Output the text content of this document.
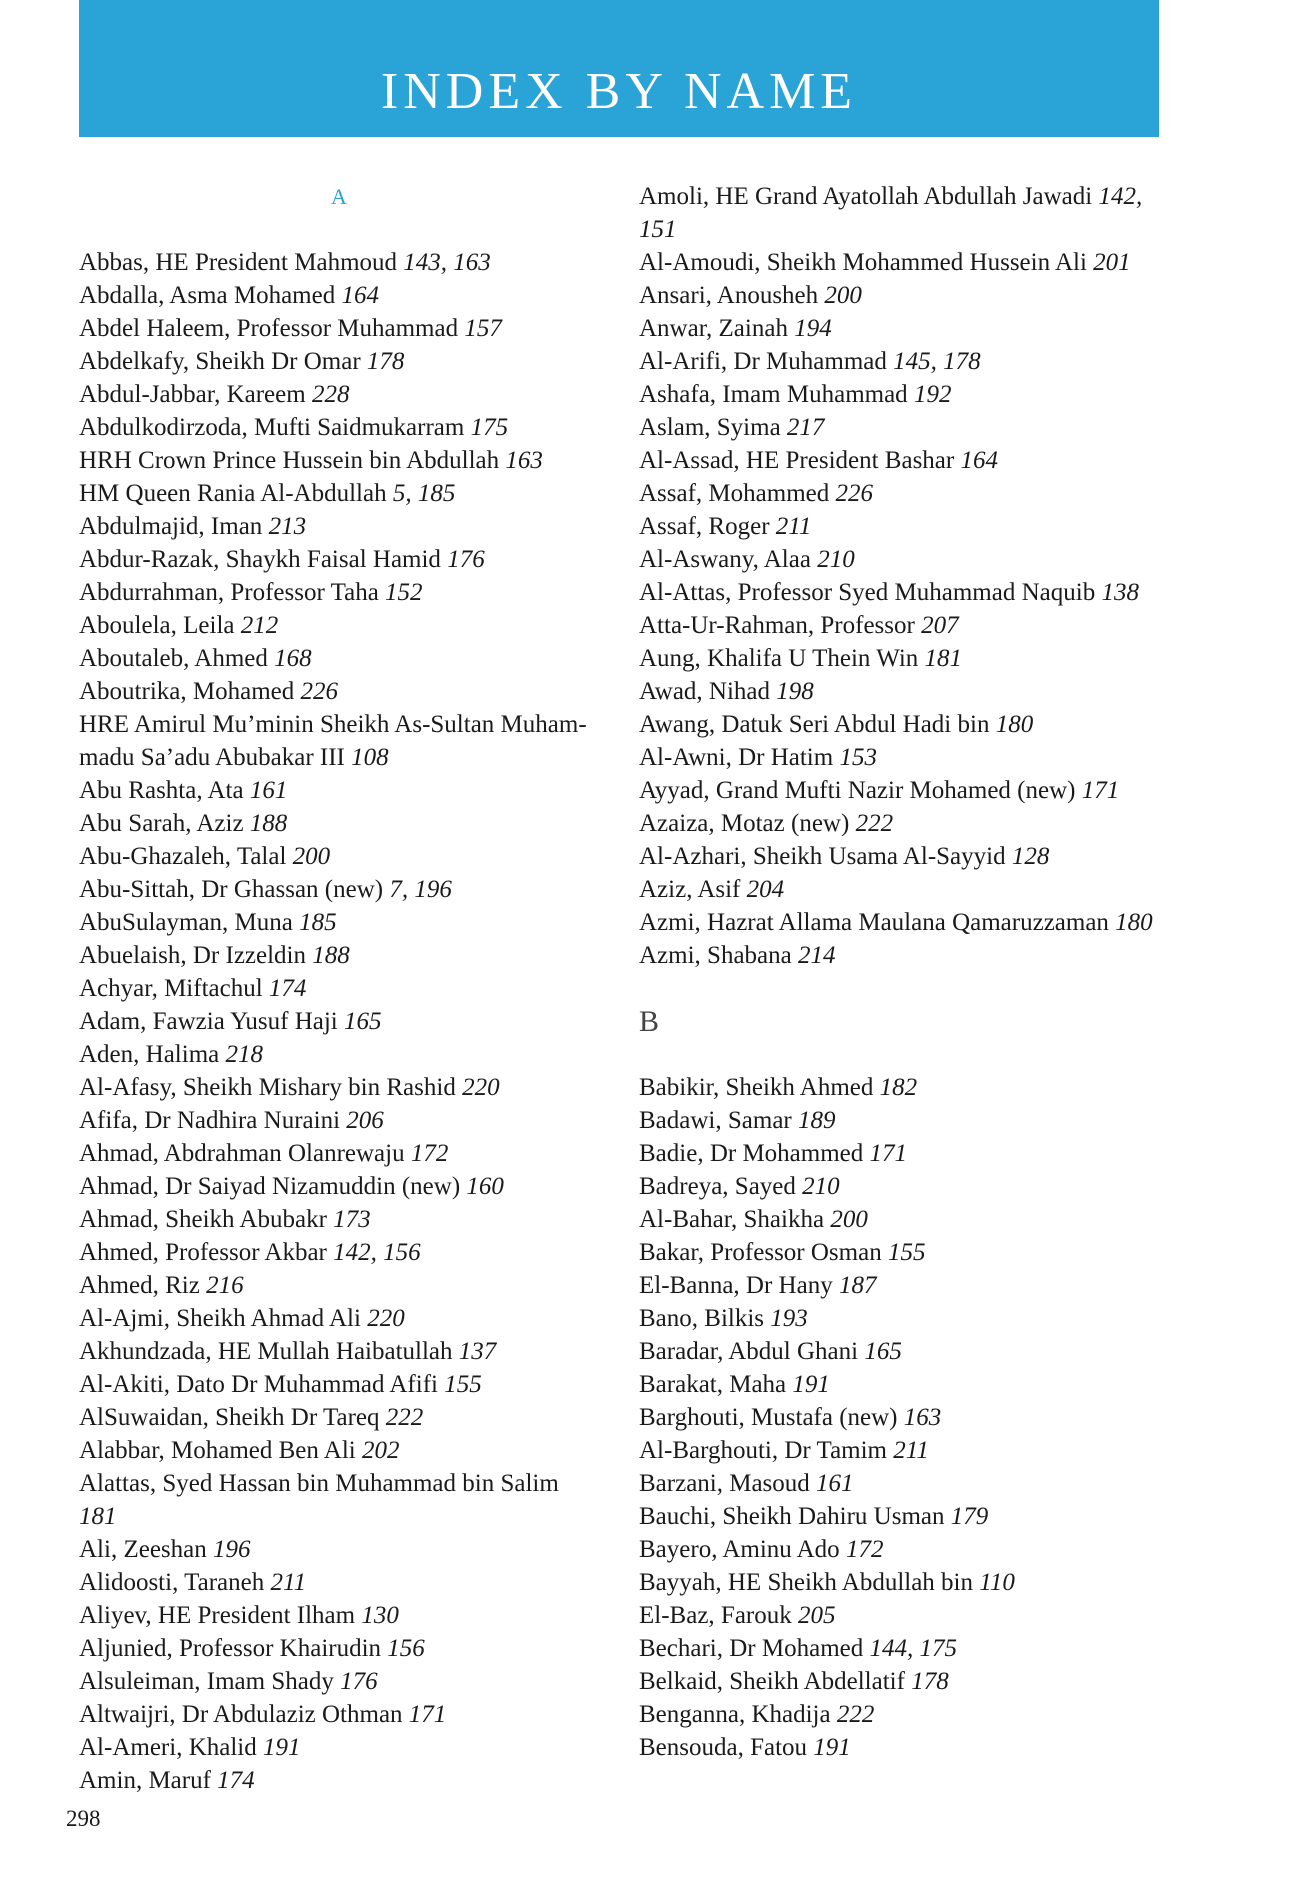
INDEX BY NAME
A
Abbas, HE President Mahmoud 143, 163
Abdalla, Asma Mohamed 164
Abdel Haleem, Professor Muhammad 157
Abdelkafy, Sheikh Dr Omar 178
Abdul-Jabbar, Kareem 228
Abdulkodirzoda, Mufti Saidmukarram 175
HRH Crown Prince Hussein bin Abdullah 163
HM Queen Rania Al-Abdullah 5, 185
Abdulmajid, Iman 213
Abdur-Razak, Shaykh Faisal Hamid 176
Abdurrahman, Professor Taha 152
Aboulela, Leila 212
Aboutaleb, Ahmed 168
Aboutrika, Mohamed 226
HRE Amirul Mu’minin Sheikh As-Sultan Muham-
madu Sa’adu Abubakar III 108
Abu Rashta, Ata 161
Abu Sarah, Aziz 188
Abu-Ghazaleh, Talal 200
Abu-Sittah, Dr Ghassan (new) 7, 196
AbuSulayman, Muna 185
Abuelaish, Dr Izzeldin 188
Achyar, Miftachul 174
Adam, Fawzia Yusuf Haji 165
Aden, Halima 218
Al-Afasy, Sheikh Mishary bin Rashid 220
Afifa, Dr Nadhira Nuraini 206
Ahmad, Abdrahman Olanrewaju 172
Ahmad, Dr Saiyad Nizamuddin (new) 160
Ahmad, Sheikh Abubakr 173
Ahmed, Professor Akbar 142, 156
Ahmed, Riz 216
Al-Ajmi, Sheikh Ahmad Ali 220
Akhundzada, HE Mullah Haibatullah 137
Al-Akiti, Dato Dr Muhammad Afifi 155
AlSuwaidan, Sheikh Dr Tareq 222
Alabbar, Mohamed Ben Ali 202
Alattas, Syed Hassan bin Muhammad bin Salim 181
Ali, Zeeshan 196
Alidoosti, Taraneh 211
Aliyev, HE President Ilham 130
Aljunied, Professor Khairudin 156
Alsuleiman, Imam Shady 176
Altwaijri, Dr Abdulaziz Othman 171
Al-Ameri, Khalid 191
Amin, Maruf 174
Amoli, HE Grand Ayatollah Abdullah Jawadi 142,
151
Al-Amoudi, Sheikh Mohammed Hussein Ali 201
Ansari, Anousheh 200
Anwar, Zainah 194
Al-Arifi, Dr Muhammad 145, 178
Ashafa, Imam Muhammad 192
Aslam, Syima 217
Al-Assad, HE President Bashar 164
Assaf, Mohammed 226
Assaf, Roger 211
Al-Aswany, Alaa 210
Al-Attas, Professor Syed Muhammad Naquib 138
Atta-Ur-Rahman, Professor 207
Aung, Khalifa U Thein Win 181
Awad, Nihad 198
Awang, Datuk Seri Abdul Hadi bin 180
Al-Awni, Dr Hatim 153
Ayyad, Grand Mufti Nazir Mohamed (new) 171
Azaiza, Motaz (new) 222
Al-Azhari, Sheikh Usama Al-Sayyid 128
Aziz, Asif 204
Azmi, Hazrat Allama Maulana Qamaruzzaman 180
Azmi, Shabana 214
B
Babikir, Sheikh Ahmed 182
Badawi, Samar 189
Badie, Dr Mohammed 171
Badreya, Sayed 210
Al-Bahar, Shaikha 200
Bakar, Professor Osman 155
El-Banna, Dr Hany 187
Bano, Bilkis 193
Baradar, Abdul Ghani 165
Barakat, Maha 191
Barghouti, Mustafa (new) 163
Al-Barghouti, Dr Tamim 211
Barzani, Masoud 161
Bauchi, Sheikh Dahiru Usman 179
Bayero, Aminu Ado 172
Bayyah, HE Sheikh Abdullah bin 110
El-Baz, Farouk 205
Bechari, Dr Mohamed 144, 175
Belkaid, Sheikh Abdellatif 178
Benganna, Khadija 222
Bensouda, Fatou 191
298
